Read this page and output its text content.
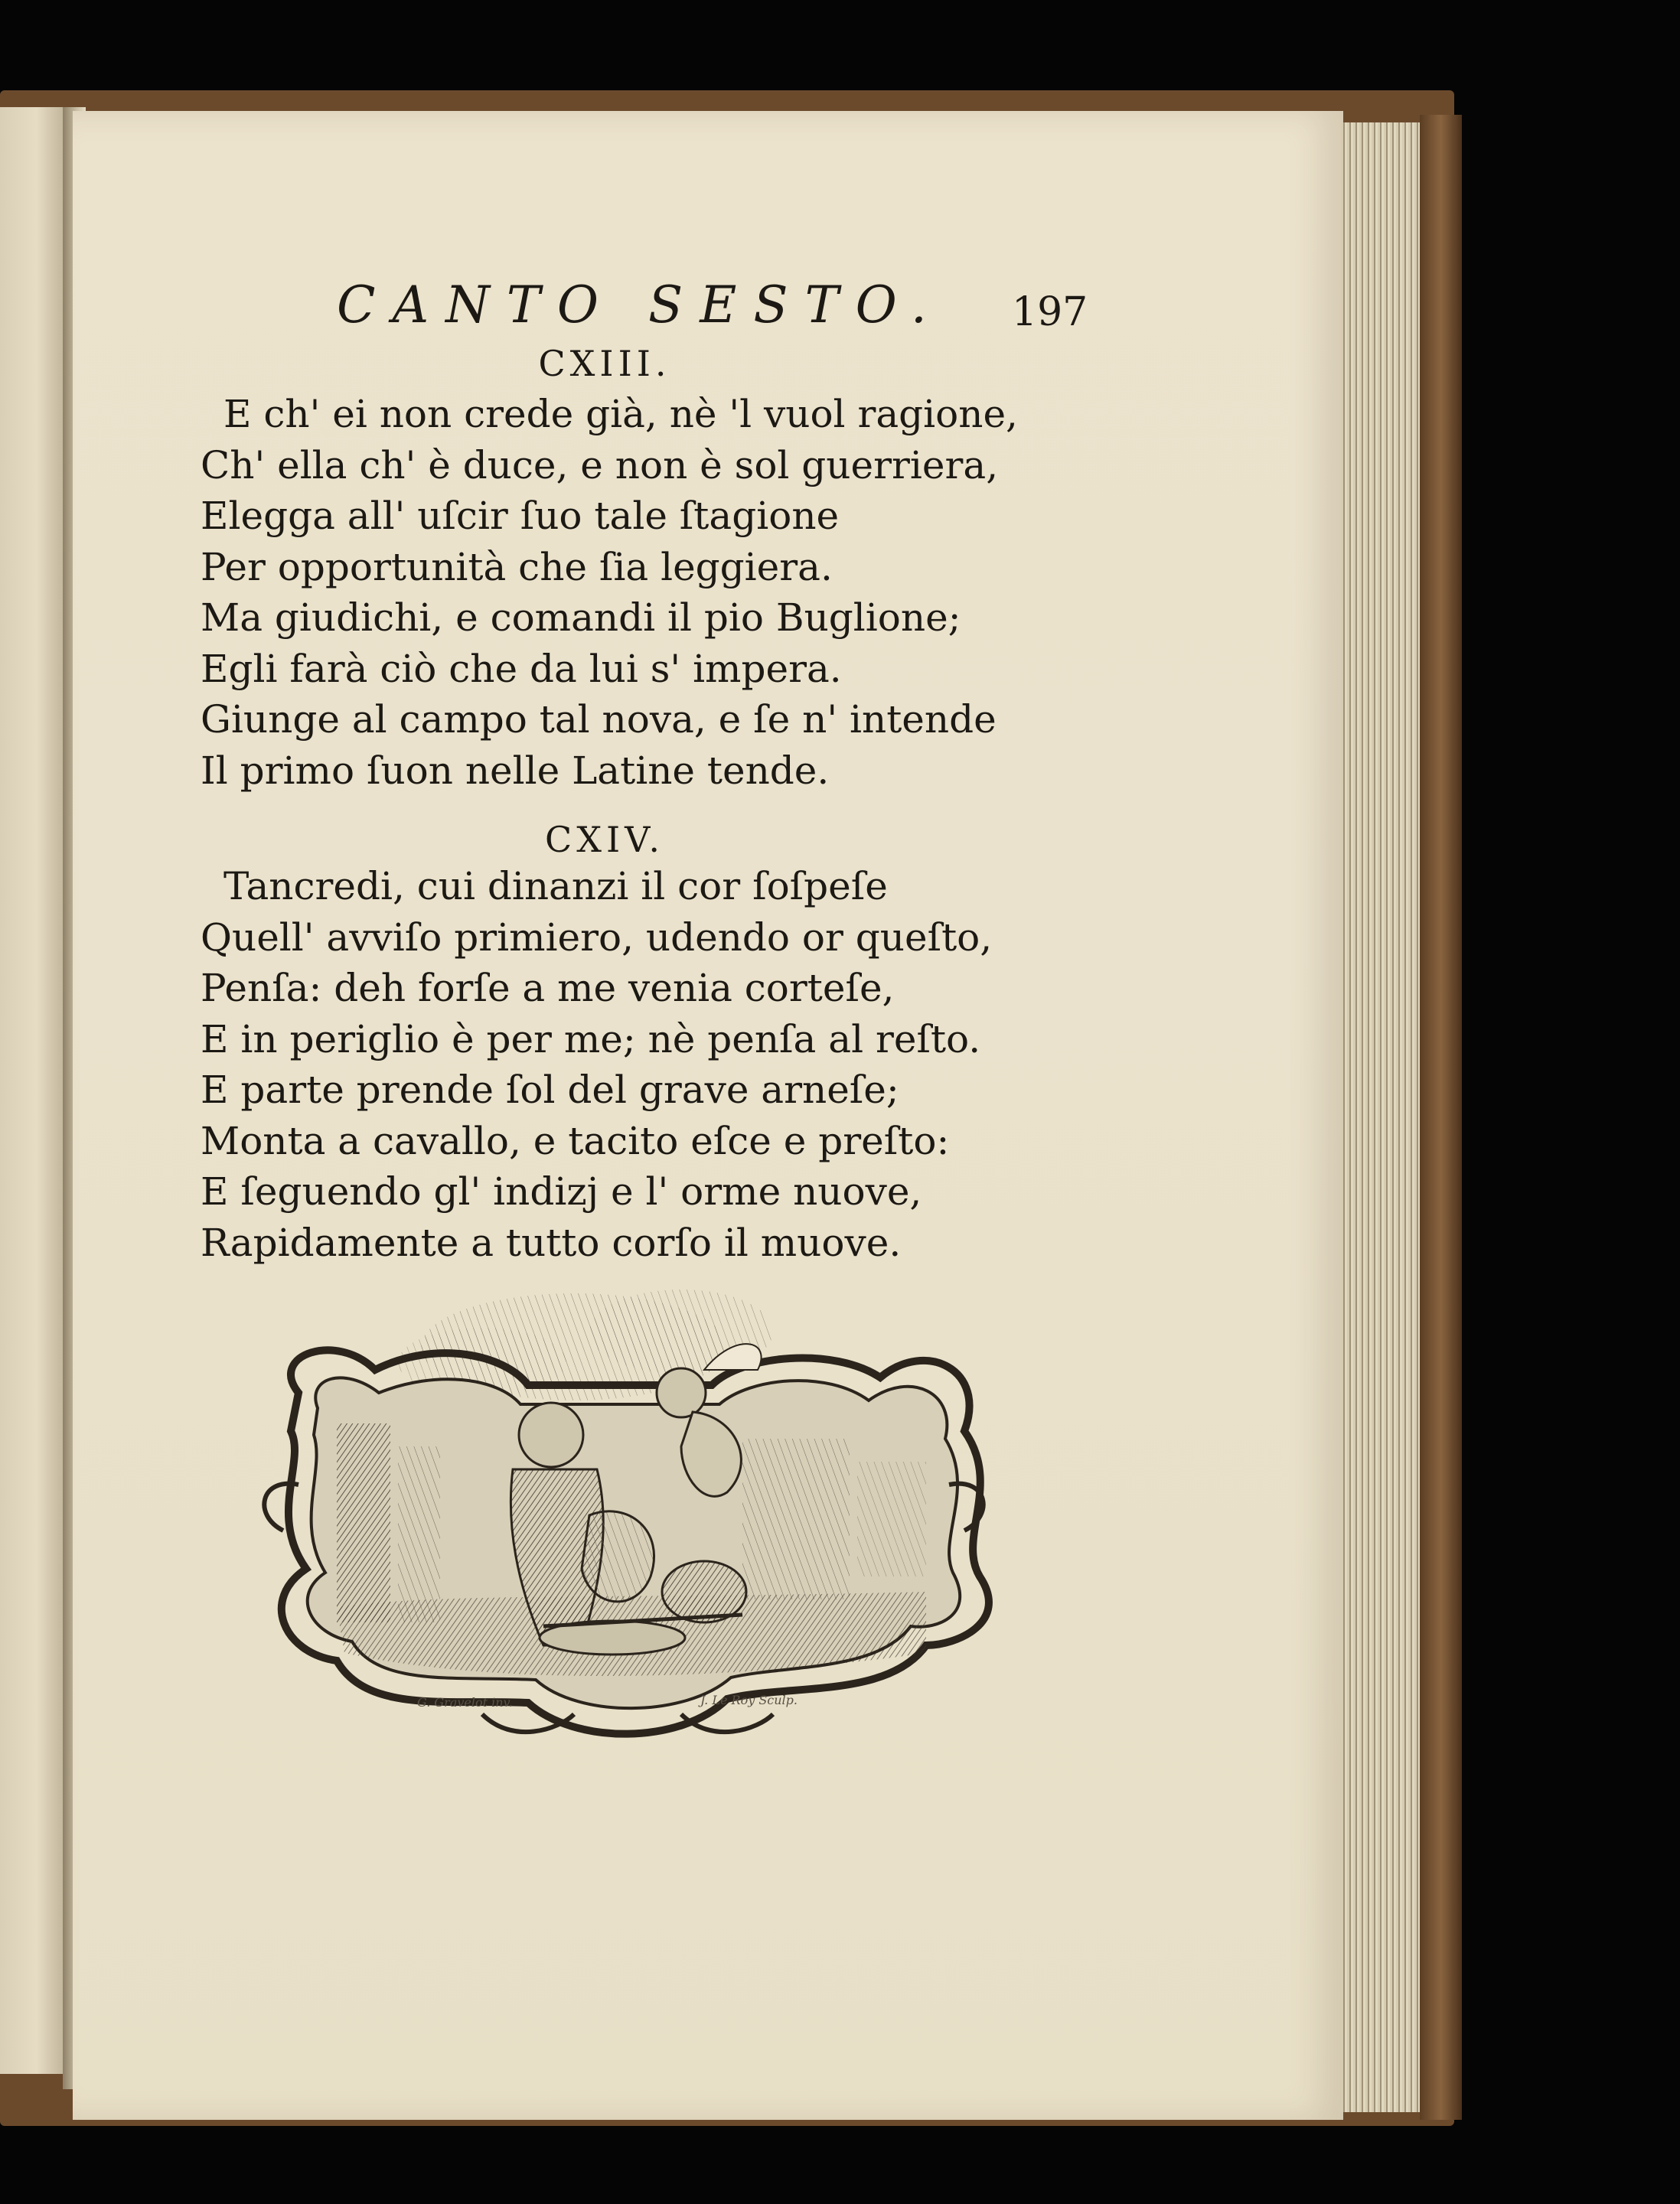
CANTO SESTO. 197
CXIII.
E ch' ei non crede già, nè 'l vuol ragione,
Ch' ella ch' è duce, e non è sol guerriera,
Elegga all' uſcir ſuo tale ſtagione
Per opportunità che ſia leggiera.
Ma giudichi, e comandi il pio Buglione;
Egli farà ciò che da lui s' impera.
Giunge al campo tal nova, e ſe n' intende
Il primo ſuon nelle Latine tende.
CXIV.
Tancredi, cui dinanzi il cor ſoſpeſe
Quell' avviſo primiero, udendo or queſto,
Penſa: deh forſe a me venia corteſe,
E in periglio è per me; nè penſa al reſto.
E parte prende ſol del grave arneſe;
Monta a cavallo, e tacito eſce e preſto:
E ſeguendo gl' indizj e l' orme nuove,
Rapidamente a tutto corſo il muove.
G. Gravelot inv.	J. Le Roy Sculp.
